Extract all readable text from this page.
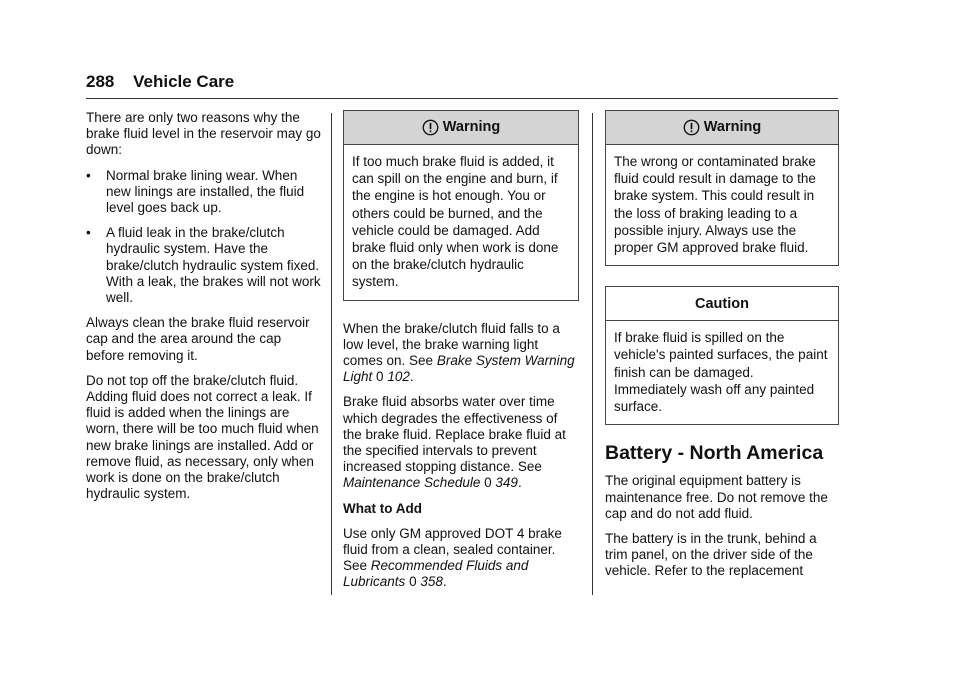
288 Vehicle Care

There are only two reasons why the brake fluid level in the reservoir may go down:

• Normal brake lining wear. When new linings are installed, the fluid level goes back up.
• A fluid leak in the brake/clutch hydraulic system. Have the brake/clutch hydraulic system fixed. With a leak, the brakes will not work well.

Always clean the brake fluid reservoir cap and the area around the cap before removing it.

Do not top off the brake/clutch fluid. Adding fluid does not correct a leak. If fluid is added when the linings are worn, there will be too much fluid when new brake linings are installed. Add or remove fluid, as necessary, only when work is done on the brake/clutch hydraulic system.

Warning
If too much brake fluid is added, it can spill on the engine and burn, if the engine is hot enough. You or others could be burned, and the vehicle could be damaged. Add brake fluid only when work is done on the brake/clutch hydraulic system.

When the brake/clutch fluid falls to a low level, the brake warning light comes on. See Brake System Warning Light 0 102.

Brake fluid absorbs water over time which degrades the effectiveness of the brake fluid. Replace brake fluid at the specified intervals to prevent increased stopping distance. See Maintenance Schedule 0 349.

What to Add

Use only GM approved DOT 4 brake fluid from a clean, sealed container. See Recommended Fluids and Lubricants 0 358.

Warning
The wrong or contaminated brake fluid could result in damage to the brake system. This could result in the loss of braking leading to a possible injury. Always use the proper GM approved brake fluid.
Caution
If brake fluid is spilled on the vehicle's painted surfaces, the paint finish can be damaged. Immediately wash off any painted surface.
Battery - North America

The original equipment battery is maintenance free. Do not remove the cap and do not add fluid.

The battery is in the trunk, behind a trim panel, on the driver side of the vehicle. Refer to the replacement
